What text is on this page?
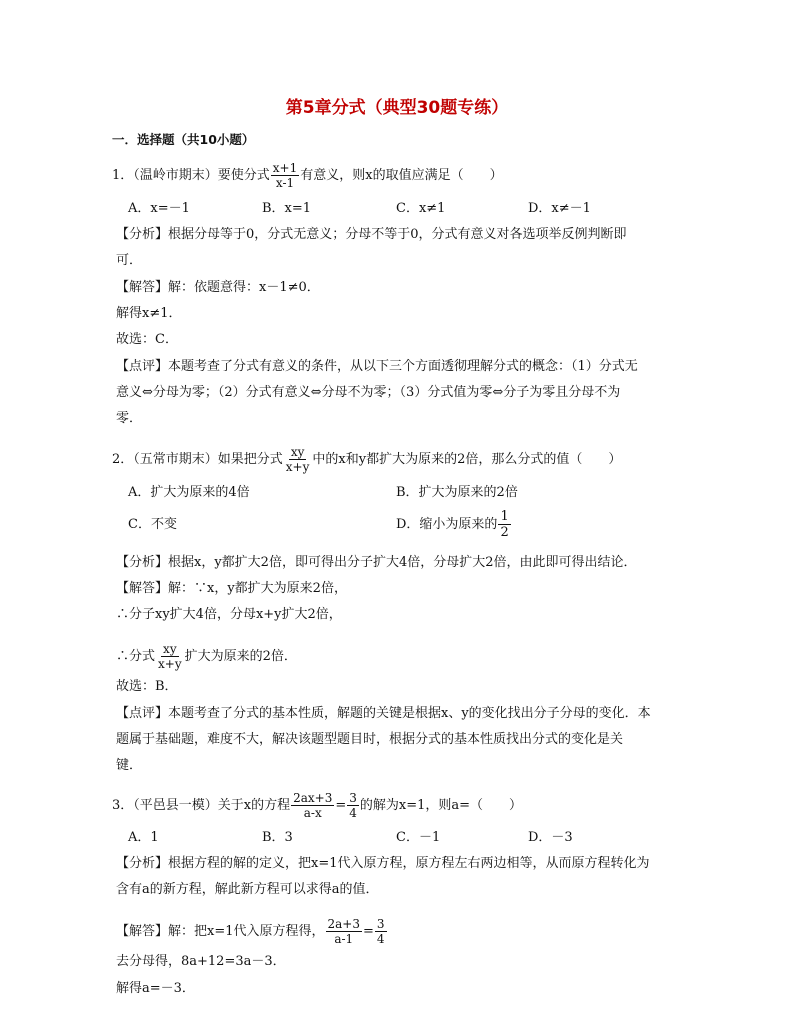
第5章分式（典型30题专练）
一．选择题（共10小题）
1．（温岭市期末）要使分式 $\frac{x+1}{x-1}$ 有意义，则x的取值应满足（　　）
A．x=－1	B．x=1	C．x≠1	D．x≠－1
【分析】根据分母等于0，分式无意义；分母不等于0，分式有意义对各选项举反例判断即
可．
【解答】解：依题意得：x－1≠0．
解得x≠1．
故选：C．
【点评】本题考查了分式有意义的条件，从以下三个方面透彻理解分式的概念：（1）分式无
意义⇔分母为零；（2）分式有意义⇔分母不为零；（3）分式值为零⇔分子为零且分母不为
零．
2．（五常市期末）如果把分式 $\frac{xy}{x+y}$ 中的x和y都扩大为原来的2倍，那么分式的值（　　）
A．扩大为原来的4倍	B．扩大为原来的2倍
C．不变	D．缩小为原来的 $\frac{1}{2}$
【分析】根据x，y都扩大2倍，即可得出分子扩大4倍，分母扩大2倍，由此即可得出结论．
【解答】解：∵x，y都扩大为原来2倍，
∴分子xy扩大4倍，分母x+y扩大2倍，
∴分式 $\frac{xy}{x+y}$ 扩大为原来的2倍．
故选：B．
【点评】本题考查了分式的基本性质，解题的关键是根据x、y的变化找出分子分母的变化．本
题属于基础题，难度不大，解决该题型题目时，根据分式的基本性质找出分式的变化是关
键．
3．（平邑县一模）关于x的方程 $\frac{2ax+3}{a-x} = \frac{3}{4}$ 的解为x=1，则a=（　　）
A．1	B．3	C．－1	D．－3
【分析】根据方程的解的定义，把x=1代入原方程，原方程左右两边相等，从而原方程转化为
含有a的新方程，解此新方程可以求得a的值．
【解答】解：把x=1代入原方程得， $\frac{2a+3}{a-1} = \frac{3}{4}$
去分母得，8a+12=3a－3．
解得a=－3．
